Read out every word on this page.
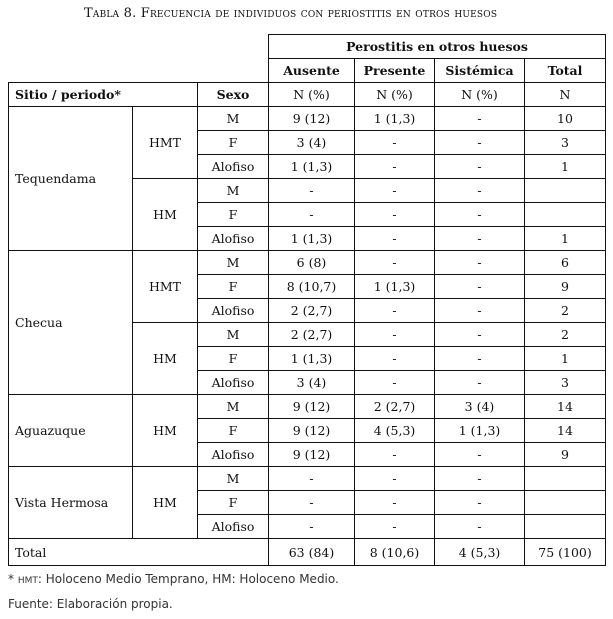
Tabla 8. Frecuencia de individuos con periostitis en otros huesos
			Perostitis en otros huesos			
			Ausente	Presente	Sistémica	Total
Sitio / periodo*		Sexo	N (%)	N (%)	N (%)	N
Tequendama	HMT	M	9 (12)	1 (1,3)	-	10
		F	3 (4)	-	-	3
		Alofiso	1 (1,3)	-	-	1
	HM	M	-	-	-	
		F	-	-	-	
		Alofiso	1 (1,3)	-	-	1
Checua	HMT	M	6 (8)	-	-	6
		F	8 (10,7)	1 (1,3)	-	9
		Alofiso	2 (2,7)	-	-	2
	HM	M	2 (2,7)	-	-	2
		F	1 (1,3)	-	-	1
		Alofiso	3 (4)	-	-	3
Aguazuque	HM	M	9 (12)	2 (2,7)	3 (4)	14
		F	9 (12)	4 (5,3)	1 (1,3)	14
		Alofiso	9 (12)	-	-	9
Vista Hermosa	HM	M	-	-	-	
		F	-	-	-	
		Alofiso	-	-	-	
Total			63 (84)	8 (10,6)	4 (5,3)	75 (100)
* HMT: Holoceno Medio Temprano, HM: Holoceno Medio.
Fuente: Elaboración propia.
